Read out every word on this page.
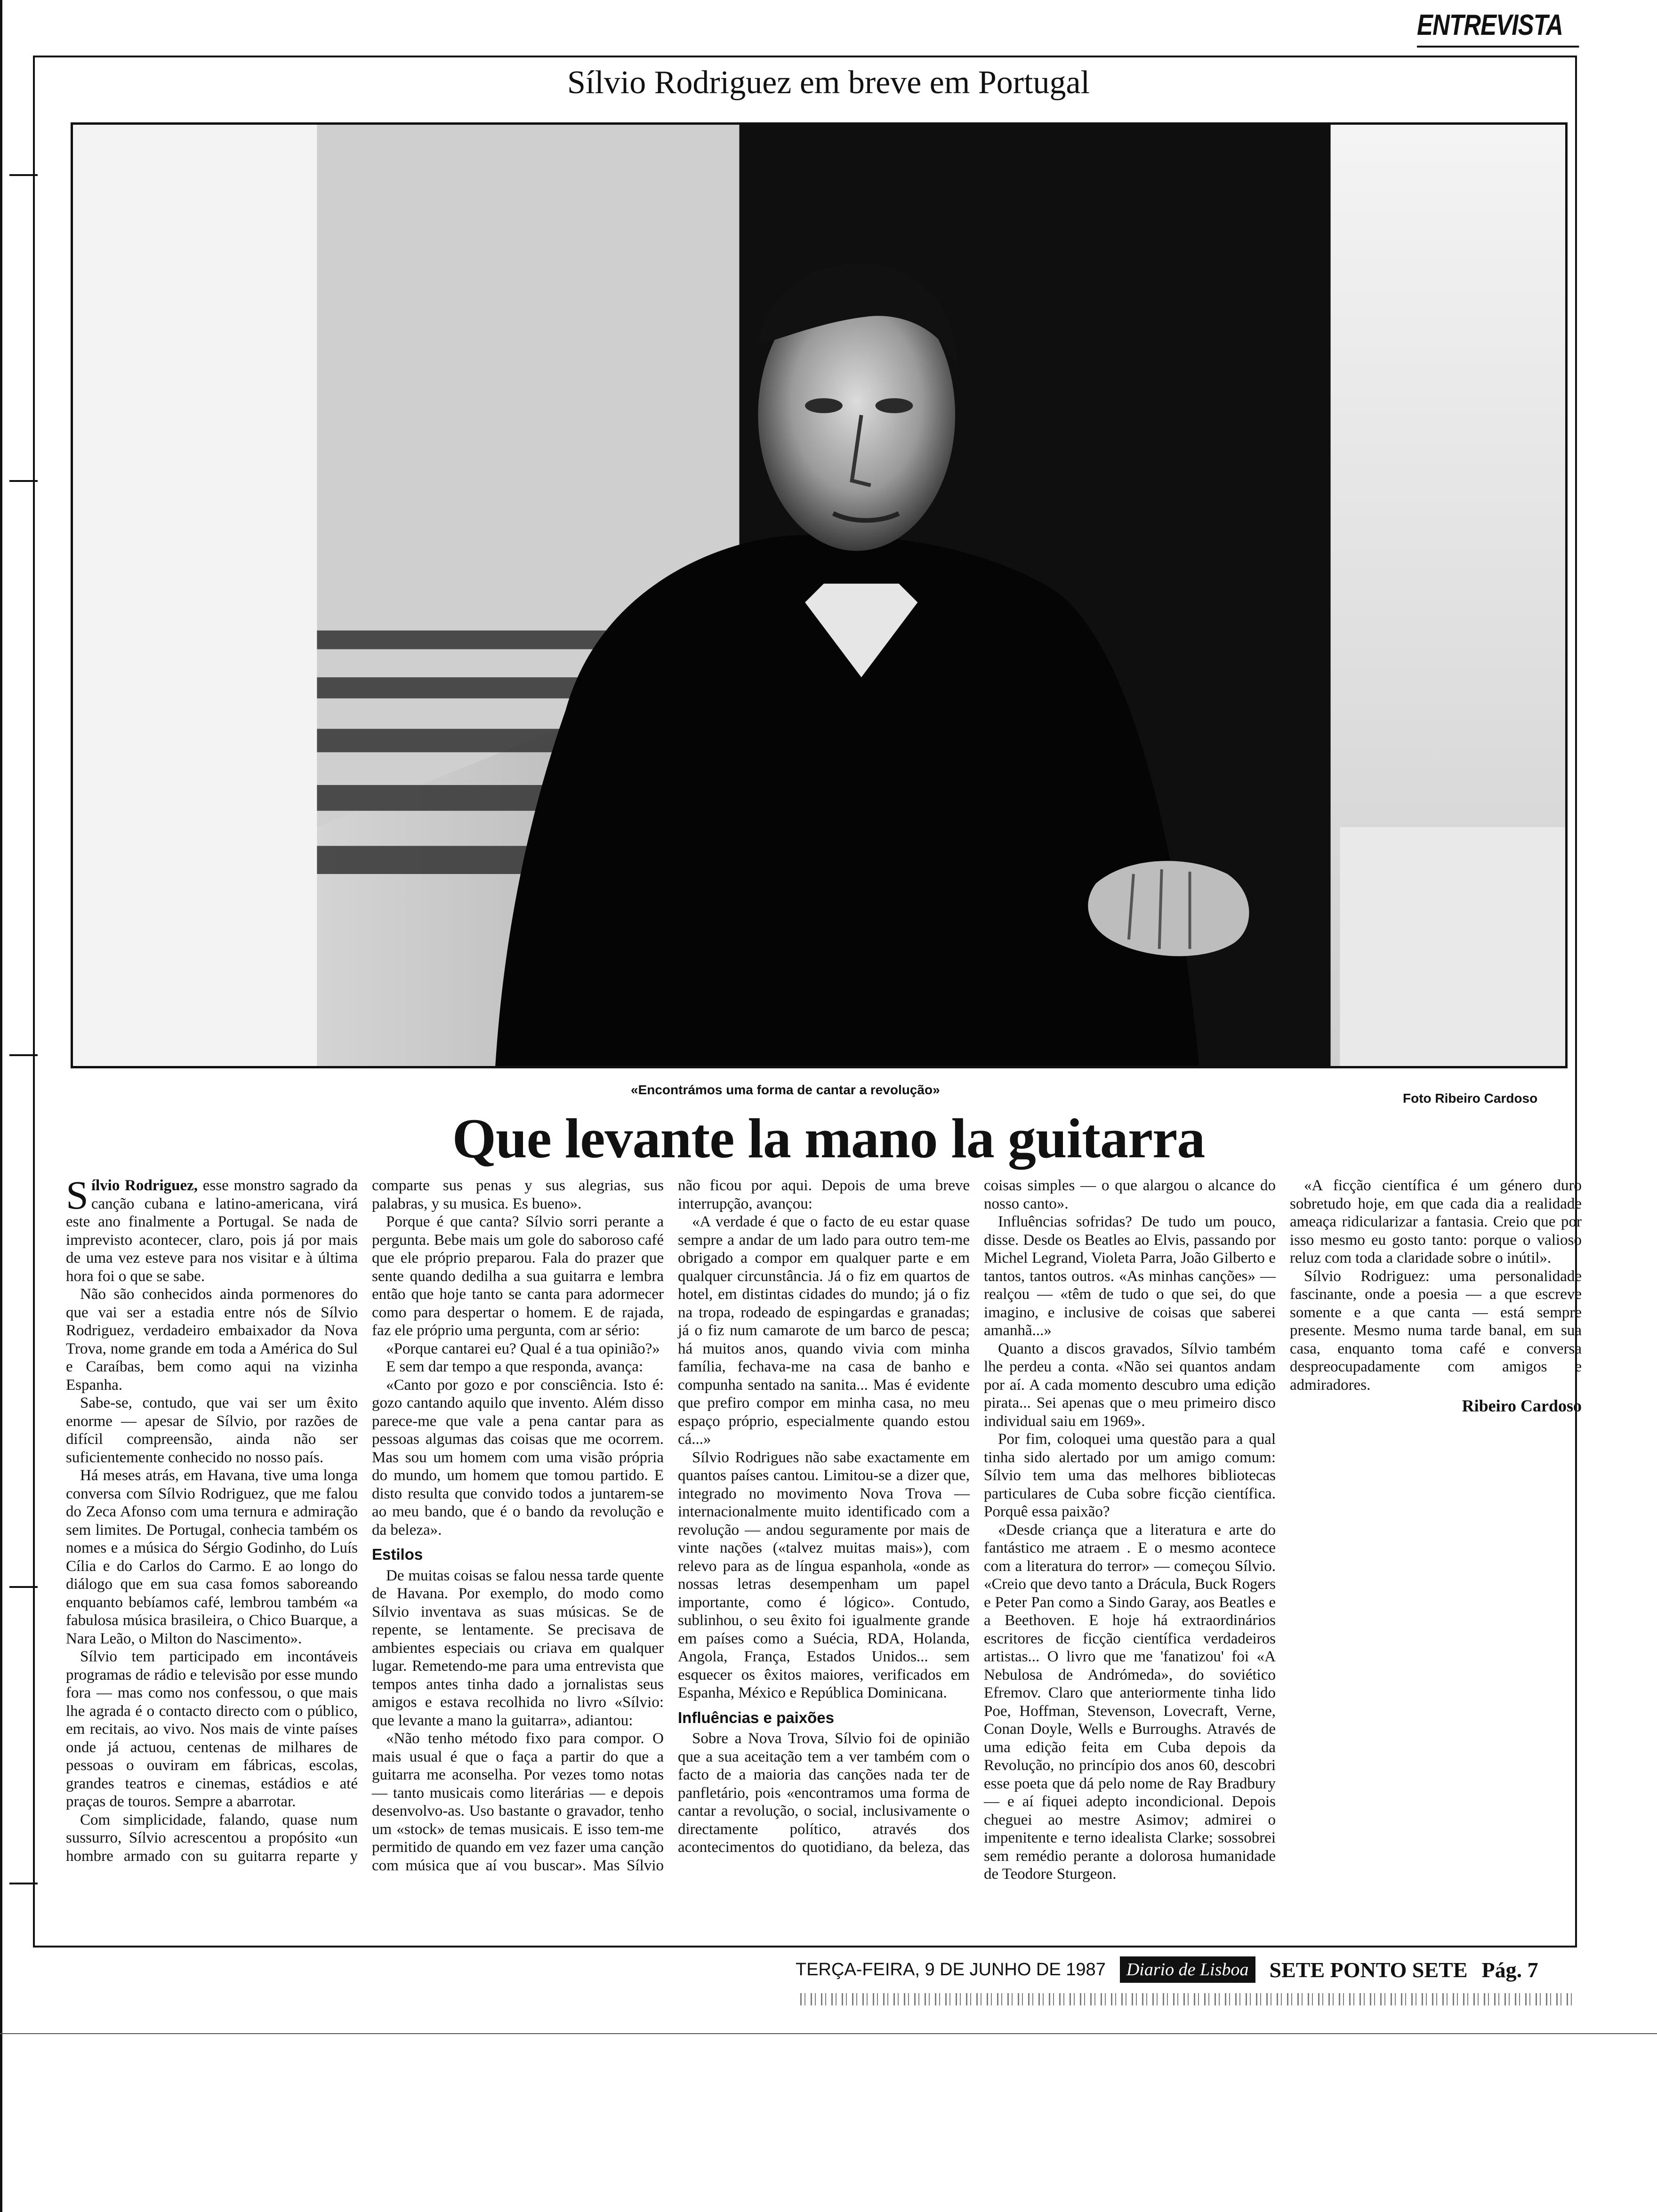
ENTREVISTA
Sílvio Rodriguez em breve em Portugal
«Encontrámos uma forma de cantar a revolução»
Foto Ribeiro Cardoso
Que levante la mano la guitarra

Sílvio Rodriguez, esse monstro sagrado da canção cubana e latino-americana, virá este ano finalmente a Portugal. Se nada de imprevisto acontecer, claro, pois já por mais de uma vez esteve para nos visitar e à última hora foi o que se sabe.

Não são conhecidos ainda pormenores do que vai ser a estadia entre nós de Sílvio Rodriguez, verdadeiro embaixador da Nova Trova, nome grande em toda a América do Sul e Caraíbas, bem como aqui na vizinha Espanha.

Sabe-se, contudo, que vai ser um êxito enorme — apesar de Sílvio, por razões de difícil compreensão, ainda não ser suficientemente conhecido no nosso país.

Há meses atrás, em Havana, tive uma longa conversa com Sílvio Rodriguez, que me falou do Zeca Afonso com uma ternura e admiração sem limites. De Portugal, conhecia também os nomes e a música do Sérgio Godinho, do Luís Cília e do Carlos do Carmo. E ao longo do diálogo que em sua casa fomos saboreando enquanto bebíamos café, lembrou também «a fabulosa música brasileira, o Chico Buarque, a Nara Leão, o Milton do Nascimento».

Sílvio tem participado em incontáveis programas de rádio e televisão por esse mundo fora — mas como nos confessou, o que mais lhe agrada é o contacto directo com o público, em recitais, ao vivo. Nos mais de vinte países onde já actuou, centenas de milhares de pessoas o ouviram em fábricas, escolas, grandes teatros e cinemas, estádios e até praças de touros. Sempre a abarrotar.

Com simplicidade, falando, quase num sussurro, Sílvio acrescentou a propósito «un hombre armado con su guitarra reparte y comparte sus penas y sus alegrias, sus palabras, y su musica. Es bueno».

Porque é que canta? Sílvio sorri perante a pergunta. Bebe mais um gole do saboroso café que ele próprio preparou. Fala do prazer que sente quando dedilha a sua guitarra e lembra então que hoje tanto se canta para adormecer como para despertar o homem. E de rajada, faz ele próprio uma pergunta, com ar sério:

«Porque cantarei eu? Qual é a tua opinião?»

E sem dar tempo a que responda, avança:

«Canto por gozo e por consciência. Isto é: gozo cantando aquilo que invento. Além disso parece-me que vale a pena cantar para as pessoas algumas das coisas que me ocorrem. Mas sou um homem com uma visão própria do mundo, um homem que tomou partido. E disto resulta que convido todos a juntarem-se ao meu bando, que é o bando da revolução e da beleza».

Estilos

De muitas coisas se falou nessa tarde quente de Havana. Por exemplo, do modo como Sílvio inventava as suas músicas. Se de repente, se lentamente. Se precisava de ambientes especiais ou criava em qualquer lugar. Remetendo-me para uma entrevista que tempos antes tinha dado a jornalistas seus amigos e estava recolhida no livro «Sílvio: que levante a mano la guitarra», adiantou:

«Não tenho método fixo para compor. O mais usual é que o faça a partir do que a guitarra me aconselha. Por vezes tomo notas — tanto musicais como literárias — e depois desenvolvo-as. Uso bastante o gravador, tenho um «stock» de temas musicais. E isso tem-me permitido de quando em vez fazer uma canção com música que aí vou buscar». Mas Sílvio não ficou por aqui. Depois de uma breve interrupção, avançou:

«A verdade é que o facto de eu estar quase sempre a andar de um lado para outro tem-me obrigado a compor em qualquer parte e em qualquer circunstância. Já o fiz em quartos de hotel, em distintas cidades do mundo; já o fiz na tropa, rodeado de espingardas e granadas; já o fiz num camarote de um barco de pesca; há muitos anos, quando vivia com minha família, fechava-me na casa de banho e compunha sentado na sanita... Mas é evidente que prefiro compor em minha casa, no meu espaço próprio, especialmente quando estou cá...»

Sílvio Rodrigues não sabe exactamente em quantos países cantou. Limitou-se a dizer que, integrado no movimento Nova Trova — internacionalmente muito identificado com a revolução — andou seguramente por mais de vinte nações («talvez muitas mais»), com relevo para as de língua espanhola, «onde as nossas letras desempenham um papel importante, como é lógico». Contudo, sublinhou, o seu êxito foi igualmente grande em países como a Suécia, RDA, Holanda, Angola, França, Estados Unidos... sem esquecer os êxitos maiores, verificados em Espanha, México e República Dominicana.

Influências e paixões

Sobre a Nova Trova, Sílvio foi de opinião que a sua aceitação tem a ver também com o facto de a maioria das canções nada ter de panfletário, pois «encontramos uma forma de cantar a revolução, o social, inclusivamente o directamente político, através dos acontecimentos do quotidiano, da beleza, das coisas simples — o que alargou o alcance do nosso canto».

Influências sofridas? De tudo um pouco, disse. Desde os Beatles ao Elvis, passando por Michel Legrand, Violeta Parra, João Gilberto e tantos, tantos outros. «As minhas canções» — realçou — «têm de tudo o que sei, do que imagino, e inclusive de coisas que saberei amanhã...»

Quanto a discos gravados, Sílvio também lhe perdeu a conta. «Não sei quantos andam por aí. A cada momento descubro uma edição pirata... Sei apenas que o meu primeiro disco individual saiu em 1969».

Por fim, coloquei uma questão para a qual tinha sido alertado por um amigo comum: Sílvio tem uma das melhores bibliotecas particulares de Cuba sobre ficção científica. Porquê essa paixão?

«Desde criança que a literatura e arte do fantástico me atraem . E o mesmo acontece com a literatura do terror» — começou Sílvio. «Creio que devo tanto a Drácula, Buck Rogers e Peter Pan como a Sindo Garay, aos Beatles e a Beethoven. E hoje há extraordinários escritores de ficção científica verdadeiros artistas... O livro que me 'fanatizou' foi «A Nebulosa de Andrómeda», do soviético Efremov. Claro que anteriormente tinha lido Poe, Hoffman, Stevenson, Lovecraft, Verne, Conan Doyle, Wells e Burroughs. Através de uma edição feita em Cuba depois da Revolução, no princípio dos anos 60, descobri esse poeta que dá pelo nome de Ray Bradbury — e aí fiquei adepto incondicional. Depois cheguei ao mestre Asimov; admirei o impenitente e terno idealista Clarke; sossobrei sem remédio perante a dolorosa humanidade de Teodore Sturgeon.

«A ficção científica é um género duro sobretudo hoje, em que cada dia a realidade ameaça ridicularizar a fantasia. Creio que por isso mesmo eu gosto tanto: porque o valioso reluz com toda a claridade sobre o inútil».

Sílvio Rodriguez: uma personalidade fascinante, onde a poesia — a que escreve somente e a que canta — está sempre presente. Mesmo numa tarde banal, em sua casa, enquanto toma café e conversa despreocupadamente com amigos e admiradores.

Ribeiro Cardoso
TERÇA-FEIRA, 9 DE JUNHO DE 1987	Diario de Lisboa SETE PONTO SETE Pág. 7
